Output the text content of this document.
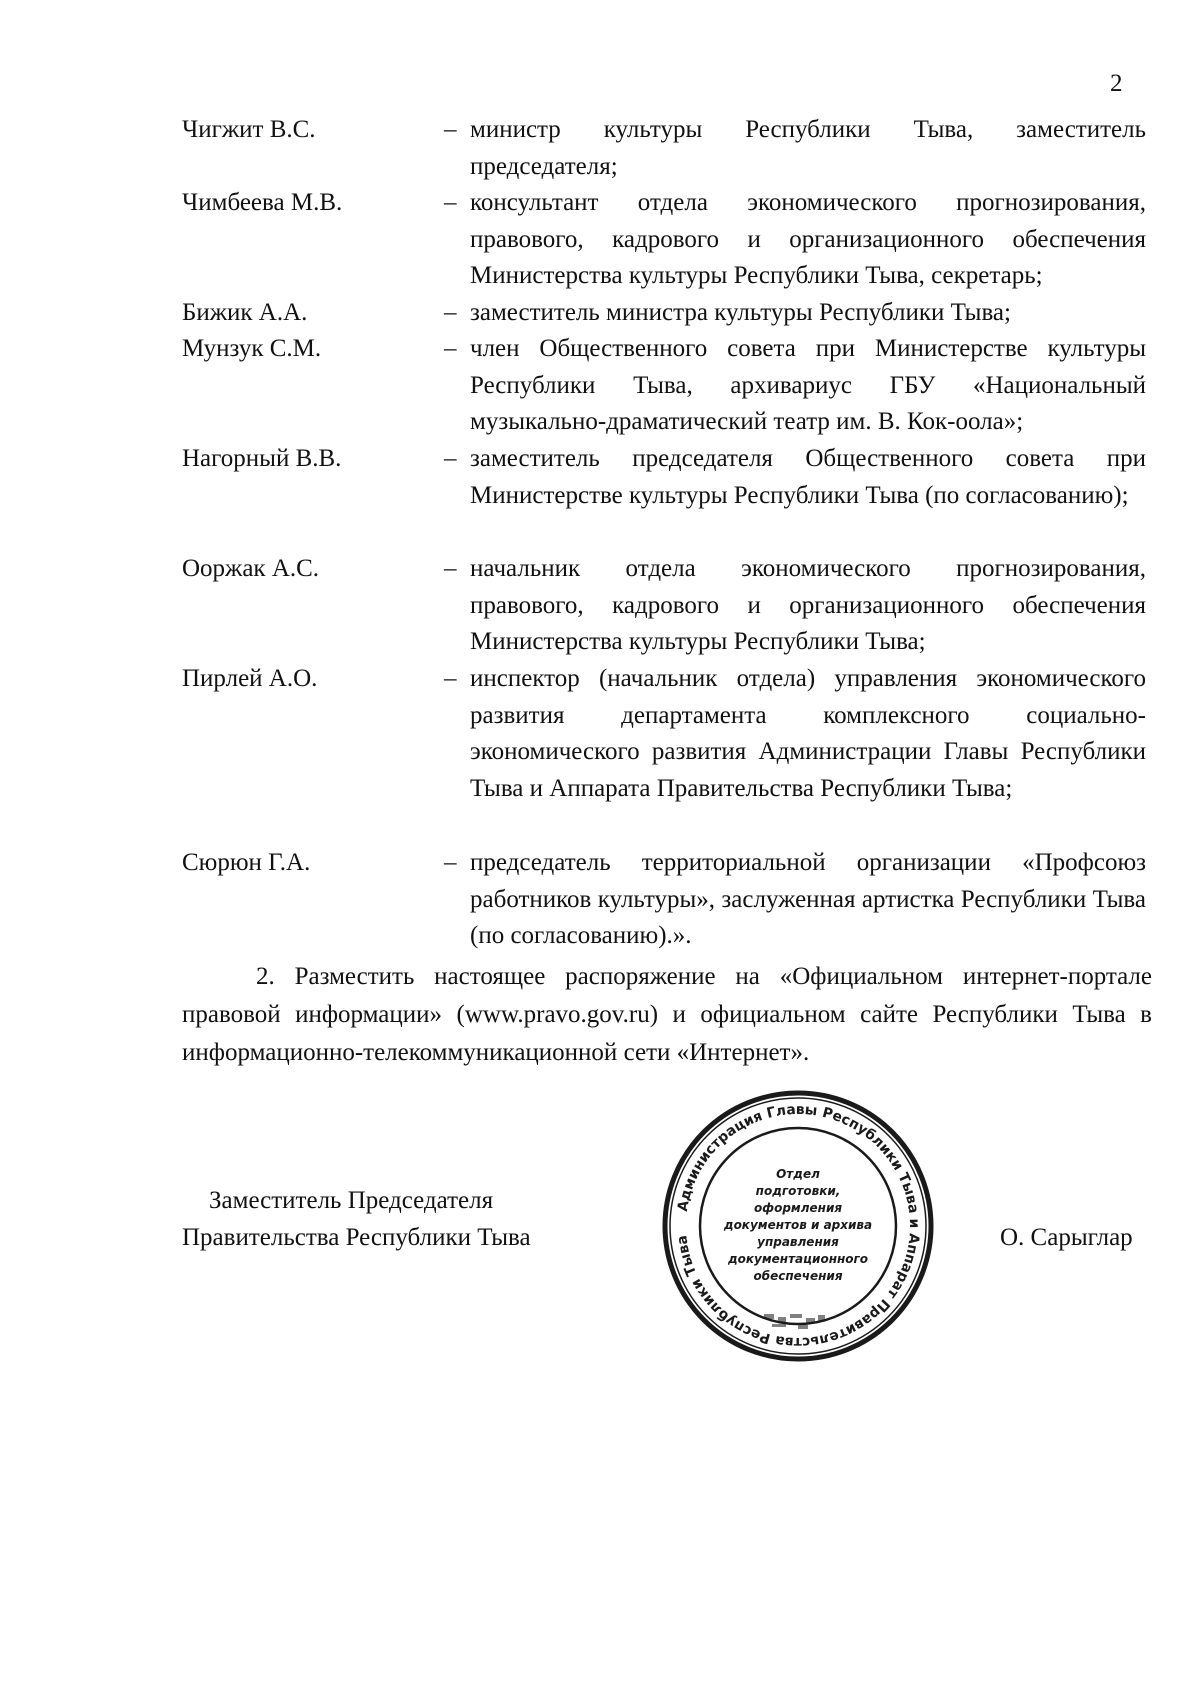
2
Чигжит В.С.	– министр культуры Республики Тыва, заместитель председателя;
Чимбеева М.В.	– консультант отдела экономического прогнозирования, правового, кадрового и организационного обеспечения Министерства культуры Республики Тыва, секретарь;
Бижик А.А.	– заместитель министра культуры Республики Тыва;
Мунзук С.М.	– член Общественного совета при Министерстве культуры Республики Тыва, архивариус ГБУ «Национальный музыкально-драматический театр им. В. Кок-оола»;
Нагорный В.В.	– заместитель председателя Общественного совета при Министерстве культуры Республики Тыва (по согласованию);
Ооржак А.С.	– начальник отдела экономического прогнозирования, правового, кадрового и организационного обеспечения Министерства культуры Республики Тыва;
Пирлей А.О.	– инспектор (начальник отдела) управления экономического развития департамента комплексного социально-экономического развития Администрации Главы Республики Тыва и Аппарата Правительства Республики Тыва;
Сюрюн Г.А.	– председатель территориальной организации «Профсоюз работников культуры», заслуженная артистка Республики Тыва (по согласованию).».
2. Разместить настоящее распоряжение на «Официальном интернет-портале правовой информации» (www.pravo.gov.ru) и официальном сайте Республики Тыва в информационно-телекоммуникационной сети «Интернет».
Заместитель Председателя
Правительства Республики Тыва	О. Сарыглар
Администрация Главы Республики Тыва и Аппарат Правительства Республики Тыва
Отдел
подготовки,
оформления
документов и архива
управления
документационного
обеспечения
